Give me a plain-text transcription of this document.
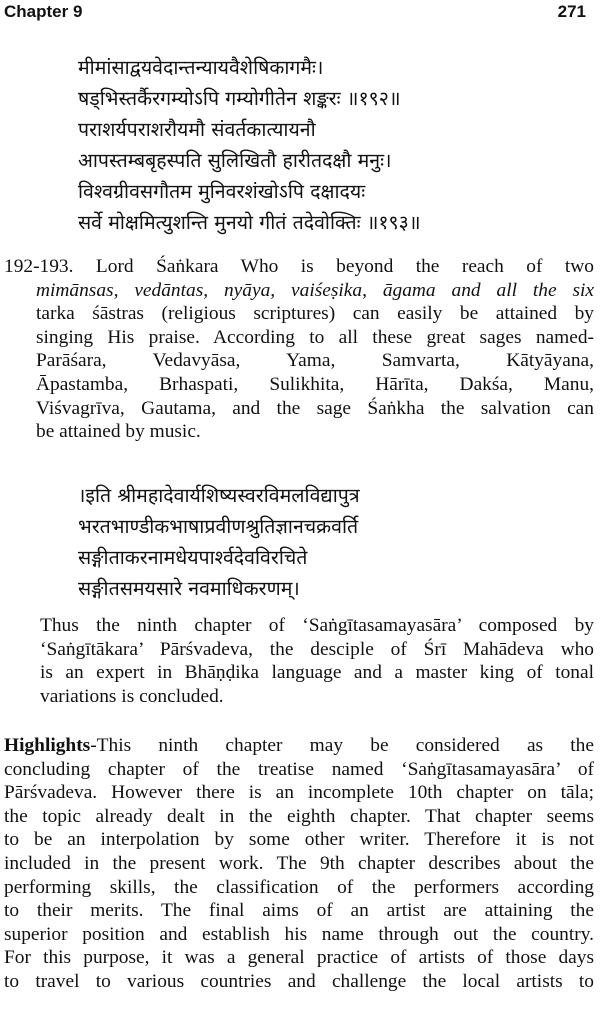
Chapter 9	271
मीमांसाद्वयवेदान्तन्यायवैशेषिकागमैः।
षड्भिस्तर्कैरगम्योऽपि गम्योगीतेन शङ्करः ॥१९२॥
पराशर्यपराशरौयमौ संवर्तकात्यायनौ
आपस्तम्बबृहस्पति सुलिखितौ हारीतदक्षौ मनुः।
विश्वग्रीवसगौतम मुनिवरशंखोऽपि दक्षादयः
सर्वे मोक्षमित्युशन्ति मुनयो गीतं तदेवोक्तिः ॥१९३॥
192-193. Lord Śaṅkara Who is beyond the reach of two
mimānsas, vedāntas, nyāya, vaiśeṣika, āgama and all the six
tarka śāstras (religious scriptures) can easily be attained by
singing His praise. According to all these great sages named-
Parāśara, Vedavyāsa, Yama, Samvarta, Kātyāyana,
Āpastamba, Brhaspati, Sulikhita, Hārīta, Dakśa, Manu,
Viśvagrīva, Gautama, and the sage Śaṅkha the salvation can
be attained by music.
।इति श्रीमहादेवार्यशिष्यस्वरविमलविद्यापुत्र
भरतभाण्डीकभाषाप्रवीणश्रुतिज्ञानचक्रवर्ति
सङ्गीताकरनामधेयपार्श्वदेवविरचिते
सङ्गीतसमयसारे नवमाधिकरणम्।
Thus the ninth chapter of ‘Saṅgītasamayasāra’ composed by
‘Saṅgītākara’ Pārśvadeva, the desciple of Śrī Mahādeva who
is an expert in Bhāṇḍika language and a master king of tonal
variations is concluded.
Highlights-This ninth chapter may be considered as the
concluding chapter of the treatise named ‘Saṅgītasamayasāra’ of
Pārśvadeva. However there is an incomplete 10th chapter on tāla;
the topic already dealt in the eighth chapter. That chapter seems
to be an interpolation by some other writer. Therefore it is not
included in the present work. The 9th chapter describes about the
performing skills, the classification of the performers according
to their merits. The final aims of an artist are attaining the
superior position and establish his name through out the country.
For this purpose, it was a general practice of artists of those days
to travel to various countries and challenge the local artists to
